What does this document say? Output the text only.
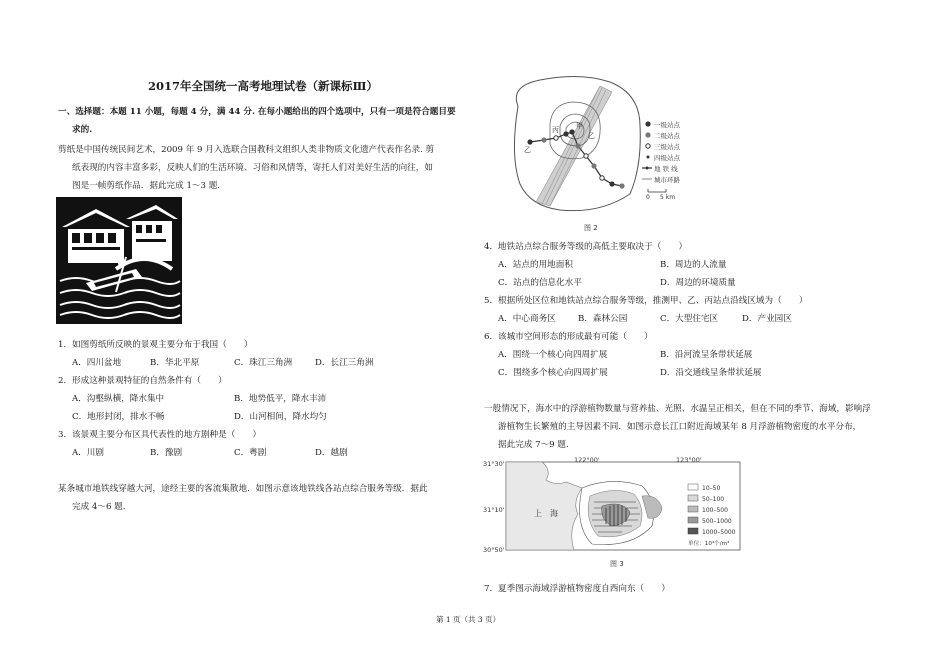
2017年全国统一高考地理试卷（新课标Ⅲ）
一、选择题：本题 11 小题，每题 4 分，满 44 分. 在每小题给出的四个选项中，只有一项是符合题目要
求的.
剪纸是中国传统民间艺术，2009 年 9 月入选联合国教科文组织人类非物质文化遗产代表作名录. 剪
纸表现的内容丰富多彩，反映人们的生活环境、习俗和风情等，寄托人们对美好生活的向往，如
图是一帧剪纸作品．据此完成 1～3 题.
1．如图剪纸所反映的景观主要分布于我国（　　）
A．四川盆地	B．华北平原	C．珠江三角洲	D．长江三角洲
2．形成这种景观特征的自然条件有（　　）
A．沟壑纵横，降水集中	B．地势低平，降水丰沛
C．地形封闭，排水不畅	D．山河相间，降水均匀
3．该景观主要分布区具代表性的地方剧种是（　　）
A．川剧	B．豫剧	C．粤剧	D．越剧
某条城市地铁线穿越大河，途经主要的客流集散地．如图示意该地铁线各站点综合服务等级．据此
完成 4～6 题.
丙 甲
乙
乙
一级站点
二级站点
三级站点
四级站点
地 铁 线
城市环路
0 5 km
图 2
4．地铁站点综合服务等级的高低主要取决于（　　）
A．站点的用地面积	B．周边的人流量
C．站点的信息化水平	D．周边的环境质量
5．根据所处区位和地铁站点综合服务等级，推测甲、乙、丙站点沿线区域为（　　）
A．中心商务区	B．森林公园	C．大型住宅区	D．产业园区
6．该城市空间形态的形成最有可能（　　）
A．围绕一个核心向四周扩展	B．沿河流呈条带状延展
C．围绕多个核心向四周扩展	D．沿交通线呈条带状延展
一般情况下，海水中的浮游植物数量与营养盐、光照、水温呈正相关，但在不同的季节、海域，影响浮
游植物生长繁殖的主导因素不同．如图示意长江口附近海域某年 8 月浮游植物密度的水平分布，
据此完成 7～9 题.
31°30'
31°10'
30°50'
122°00'	123°00'
上　海
10–50
50–100
100–500
500–1000
1000–5000
单位：10⁴个/m³
图 3
7．夏季图示海域浮游植物密度自西向东（　　）
第 1 页（共 3 页）
